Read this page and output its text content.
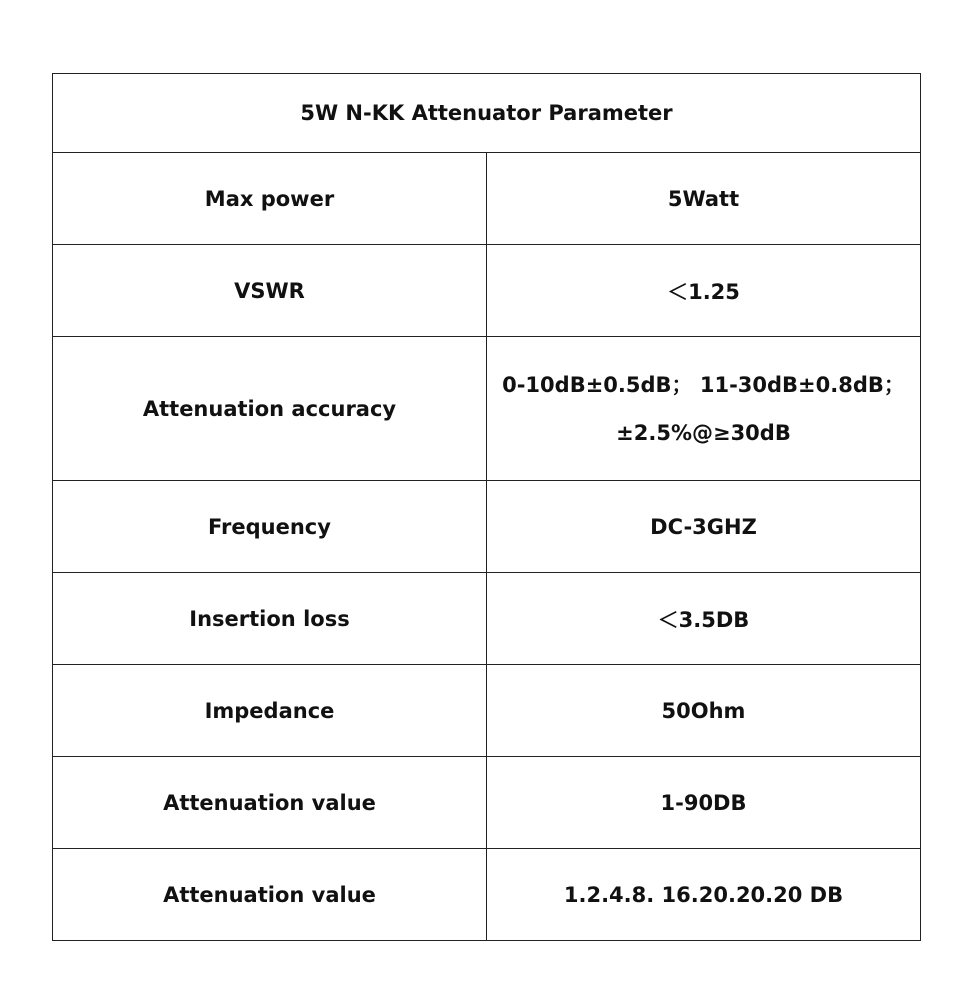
5W N-KK Attenuator Parameter	
Max power	5Watt
VSWR	＜1.25
Attenuation accuracy	0-10dB±0.5dB； 11-30dB±0.8dB；
±2.5%@≥30dB

Frequency	DC-3GHZ
Insertion loss	＜3.5DB
Impedance	50Ohm
Attenuation value	1-90DB
Attenuation value	1.2.4.8. 16.20.20.20 DB
